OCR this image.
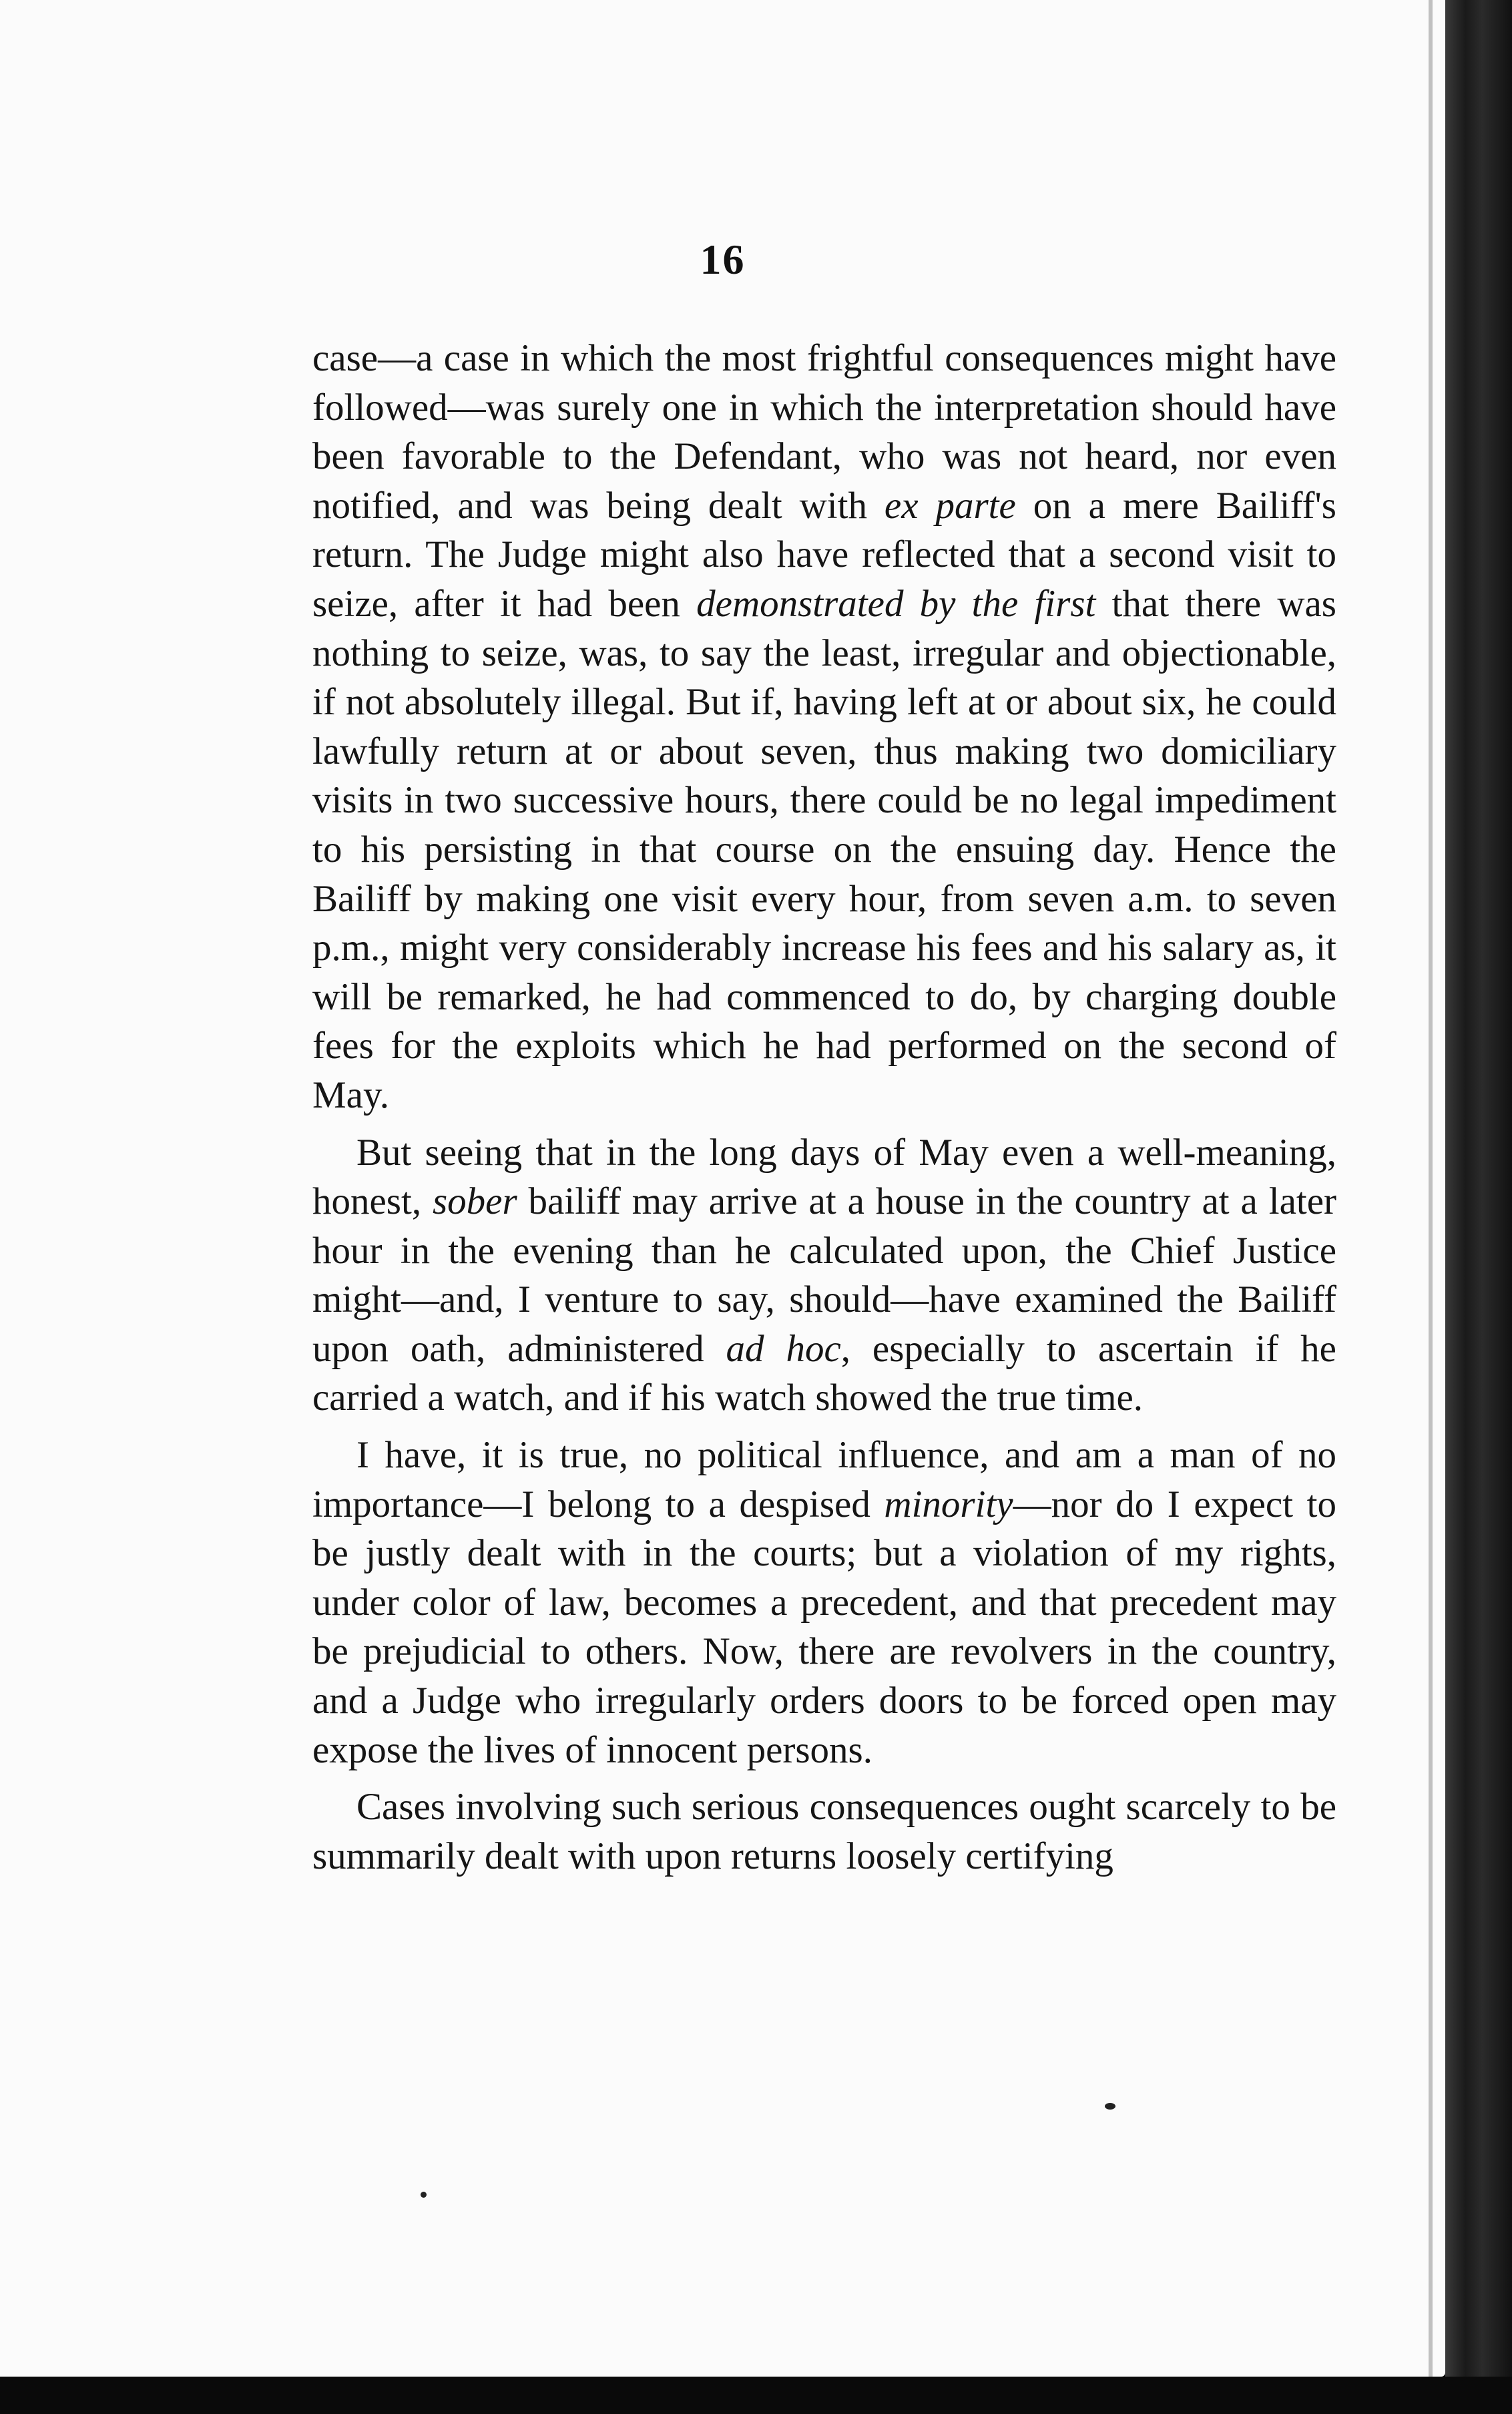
16

case—a case in which the most frightful consequences might have followed—was surely one in which the interpretation should have been favorable to the Defendant, who was not heard, nor even notified, and was being dealt with ex parte on a mere Bailiff's return. The Judge might also have reflected that a second visit to seize, after it had been demonstrated by the first that there was nothing to seize, was, to say the least, irregular and objectionable, if not absolutely illegal. But if, having left at or about six, he could lawfully return at or about seven, thus making two domiciliary visits in two successive hours, there could be no legal impediment to his persisting in that course on the ensuing day. Hence the Bailiff by making one visit every hour, from seven a.m. to seven p.m., might very considerably increase his fees and his salary as, it will be remarked, he had commenced to do, by charging double fees for the exploits which he had performed on the second of May.

But seeing that in the long days of May even a well-meaning, honest, sober bailiff may arrive at a house in the country at a later hour in the evening than he calculated upon, the Chief Justice might—and, I venture to say, should—have examined the Bailiff upon oath, administered ad hoc, especially to ascertain if he carried a watch, and if his watch showed the true time.

I have, it is true, no political influence, and am a man of no importance—I belong to a despised minority—nor do I expect to be justly dealt with in the courts; but a violation of my rights, under color of law, becomes a precedent, and that precedent may be prejudicial to others. Now, there are revolvers in the country, and a Judge who irregularly orders doors to be forced open may expose the lives of innocent persons.

Cases involving such serious consequences ought scarcely to be summarily dealt with upon returns loosely certifying
